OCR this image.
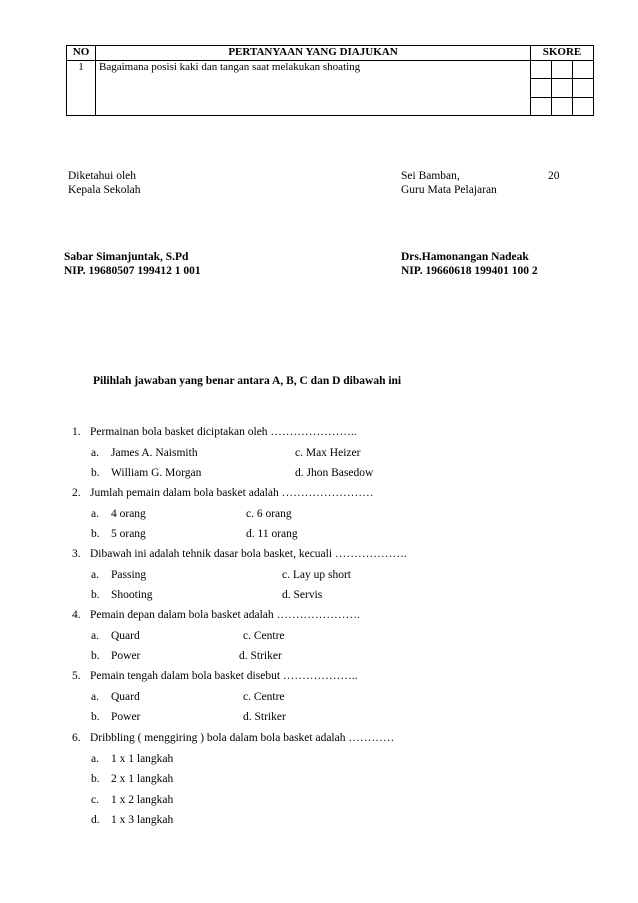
NO	PERTANYAAN YANG DIAJUKAN	SKORE		
1	Bagaimana posisi kaki dan tangan saat melakukan shoating			

Diketahui oleh
Kepala Sekolah
Sei Bamban,	20
Guru Mata Pelajaran
Sabar Simanjuntak, S.Pd
NIP. 19680507 199412 1 001
Drs.Hamonangan Nadeak
NIP. 19660618 199401 100 2
Pilihlah jawaban yang benar antara A, B, C dan D dibawah ini
1. Permainan bola basket diciptakan oleh …………………..
a. James A. Naismith	c. Max Heizer
b. William G. Morgan	d. Jhon Basedow
2. Jumlah pemain dalam bola basket adalah ……………………
a. 4 orang	c. 6 orang
b. 5 orang	d. 11 orang
3. Dibawah ini adalah tehnik dasar bola basket, kecuali ……………….
a. Passing	c. Lay up short
b. Shooting	d. Servis
4. Pemain depan dalam bola basket adalah ………………….
a. Quard	c. Centre
b. Power	d. Striker
5. Pemain tengah dalam bola basket disebut ………………..
a. Quard	c. Centre
b. Power	d. Striker
6. Dribbling ( menggiring ) bola dalam bola basket adalah …………
a. 1 x 1 langkah
b. 2 x 1 langkah
c. 1 x 2 langkah
d. 1 x 3 langkah
